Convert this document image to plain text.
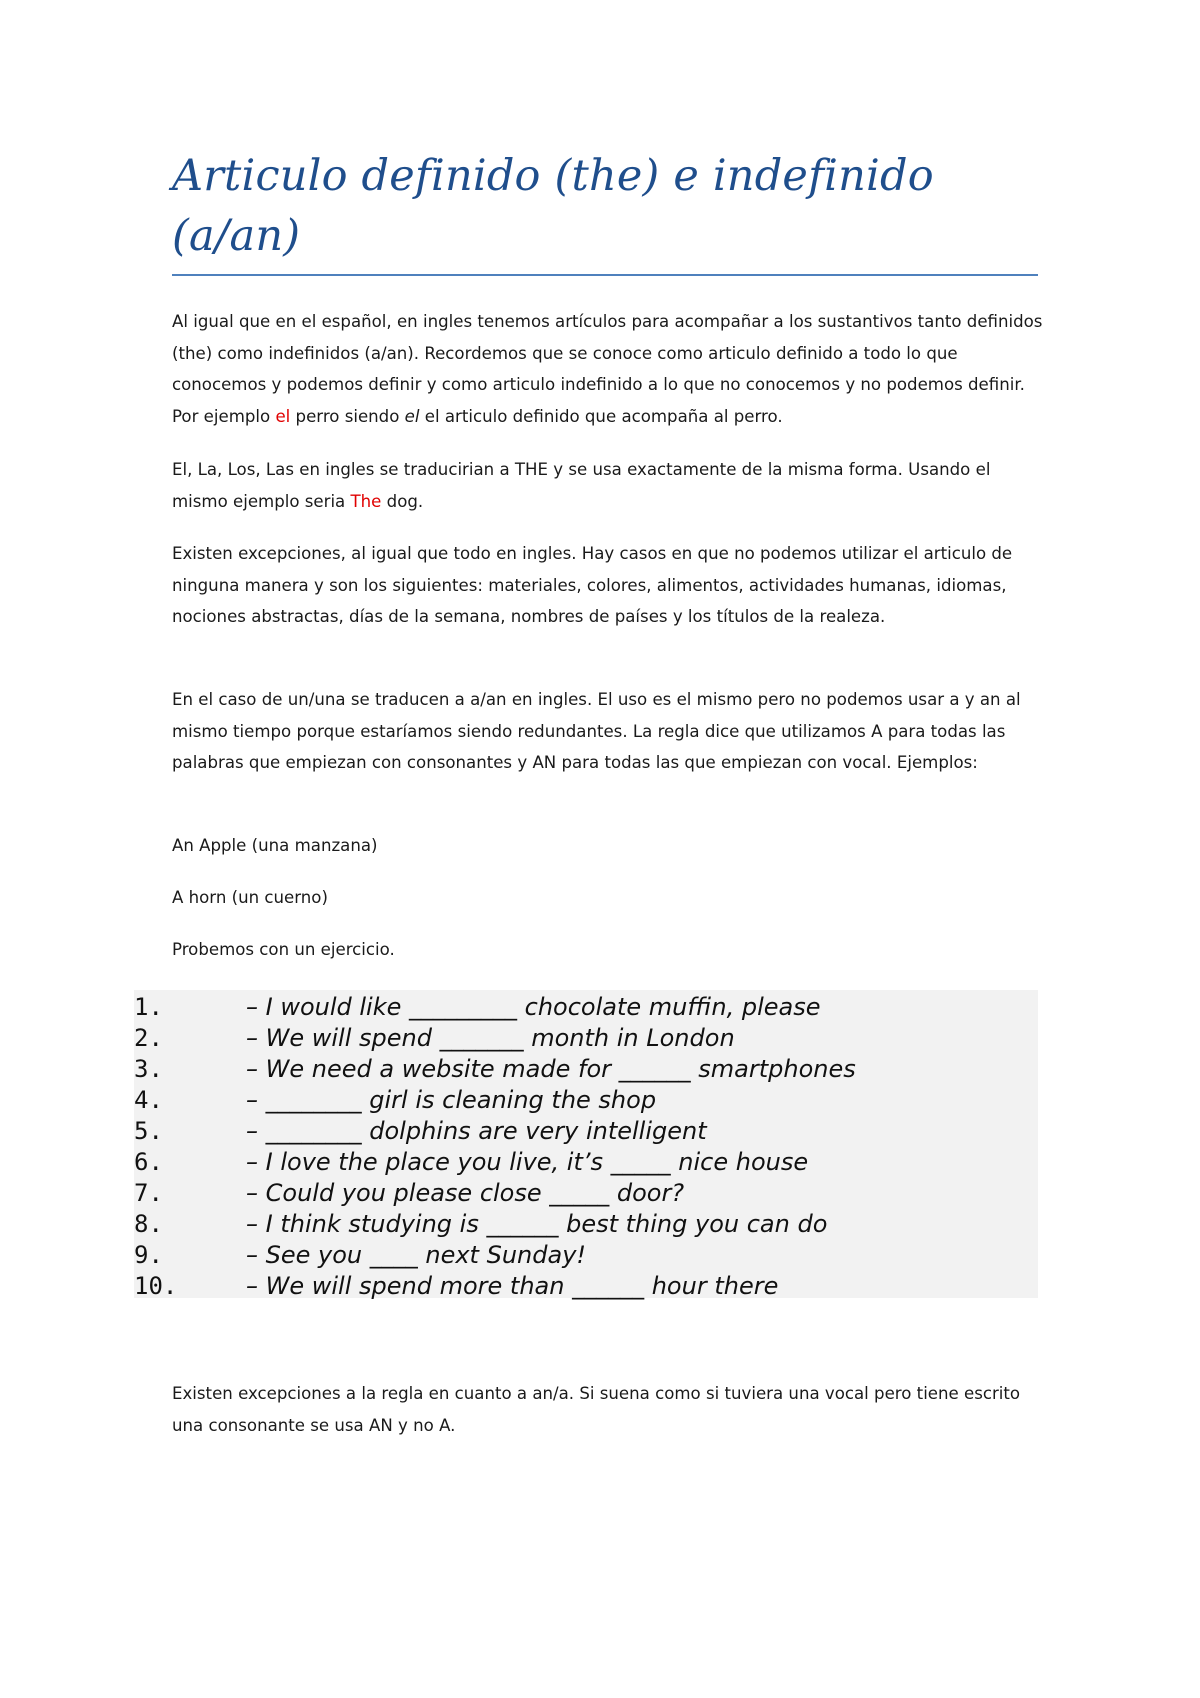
Articulo definido (the) e indefinido (a/an)

Al igual que en el español, en ingles tenemos artículos para acompañar a los sustantivos tanto definidos (the) como indefinidos (a/an). Recordemos que se conoce como articulo definido a todo lo que conocemos y podemos definir y como articulo indefinido a lo que no conocemos y no podemos definir. Por ejemplo el perro siendo el el articulo definido que acompaña al perro.

El, La, Los, Las en ingles se traducirian a THE y se usa exactamente de la misma forma. Usando el mismo ejemplo seria The dog.

Existen excepciones, al igual que todo en ingles. Hay casos en que no podemos utilizar el articulo de ninguna manera y son los siguientes: materiales, colores, alimentos, actividades humanas, idiomas, nociones abstractas, días de la semana, nombres de países y los títulos de la realeza.

En el caso de un/una se traducen a a/an en ingles. El uso es el mismo pero no podemos usar a y an al mismo tiempo porque estaríamos siendo redundantes. La regla dice que utilizamos A para todas las palabras que empiezan con consonantes y AN para todas las que empiezan con vocal. Ejemplos:

An Apple (una manzana)

A horn (un cuerno)

Probemos con un ejercicio.

1.	– I would like _________ chocolate muffin, please
2.	– We will spend _______ month in London
3.	– We need a website made for ______ smartphones
4.	– ________ girl is cleaning the shop
5.	– ________ dolphins are very intelligent
6.	– I love the place you live, it’s _____ nice house
7.	– Could you please close _____ door?
8.	– I think studying is ______ best thing you can do
9.	– See you ____ next Sunday!
10.	– We will spend more than ______ hour there

Existen excepciones a la regla en cuanto a an/a. Si suena como si tuviera una vocal pero tiene escrito una consonante se usa AN y no A.
